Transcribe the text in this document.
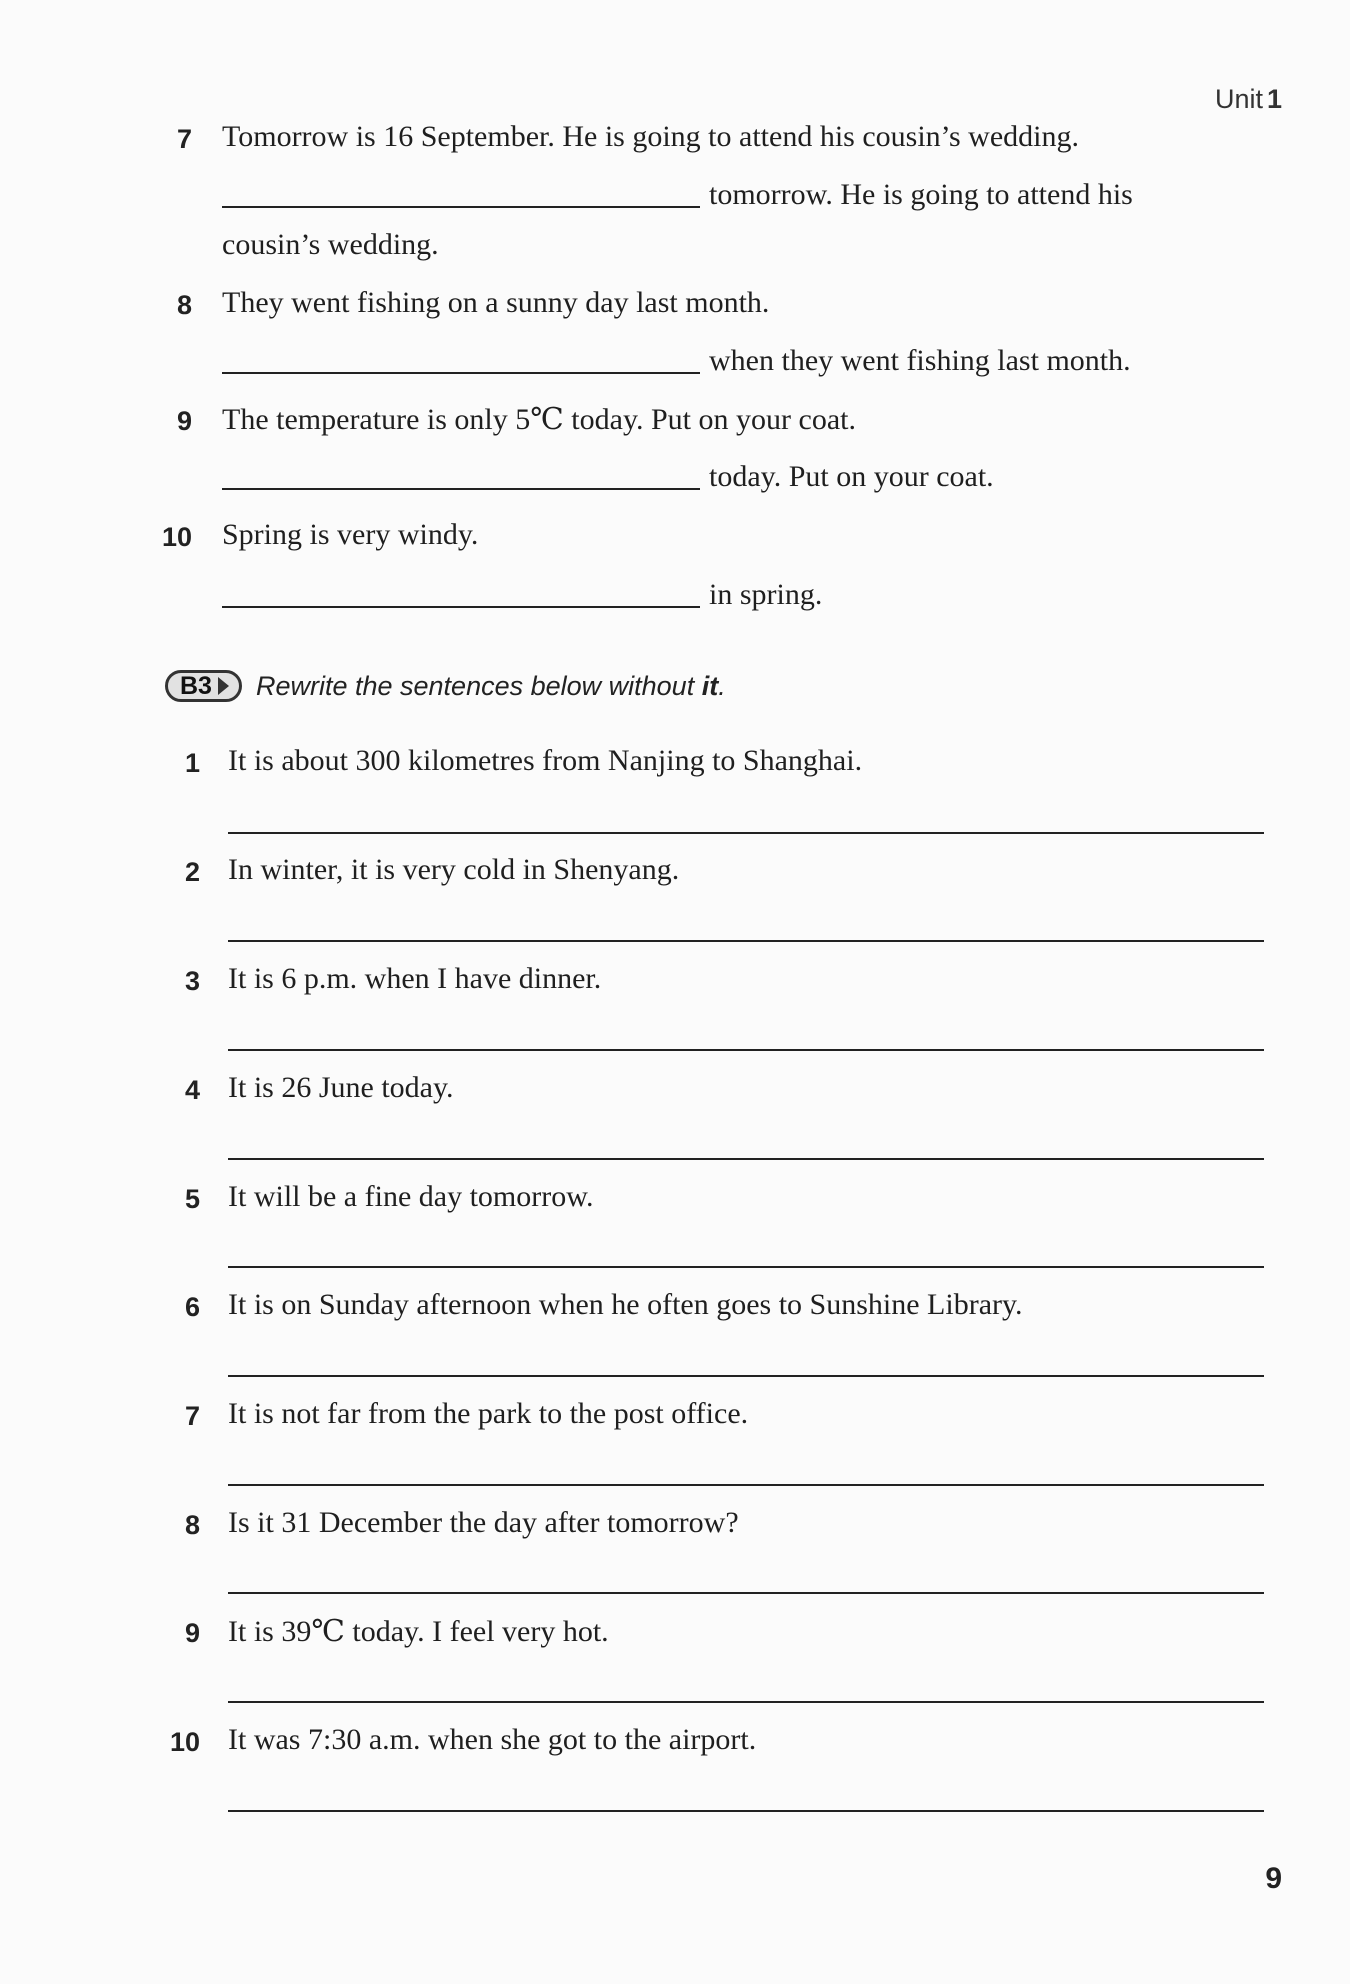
Unit 1
7 Tomorrow is 16 September. He is going to attend his cousin’s wedding.
tomorrow. He is going to attend his
cousin’s wedding.
8 They went fishing on a sunny day last month.
when they went fishing last month.
9 The temperature is only 5℃ today. Put on your coat.
today. Put on your coat.
10 Spring is very windy.
in spring.
B3 Rewrite the sentences below without it.
1 It is about 300 kilometres from Nanjing to Shanghai.
2 In winter, it is very cold in Shenyang.
3 It is 6 p.m. when I have dinner.
4 It is 26 June today.
5 It will be a fine day tomorrow.
6 It is on Sunday afternoon when he often goes to Sunshine Library.
7 It is not far from the park to the post office.
8 Is it 31 December the day after tomorrow?
9 It is 39℃ today. I feel very hot.
10 It was 7:30 a.m. when she got to the airport.
9
